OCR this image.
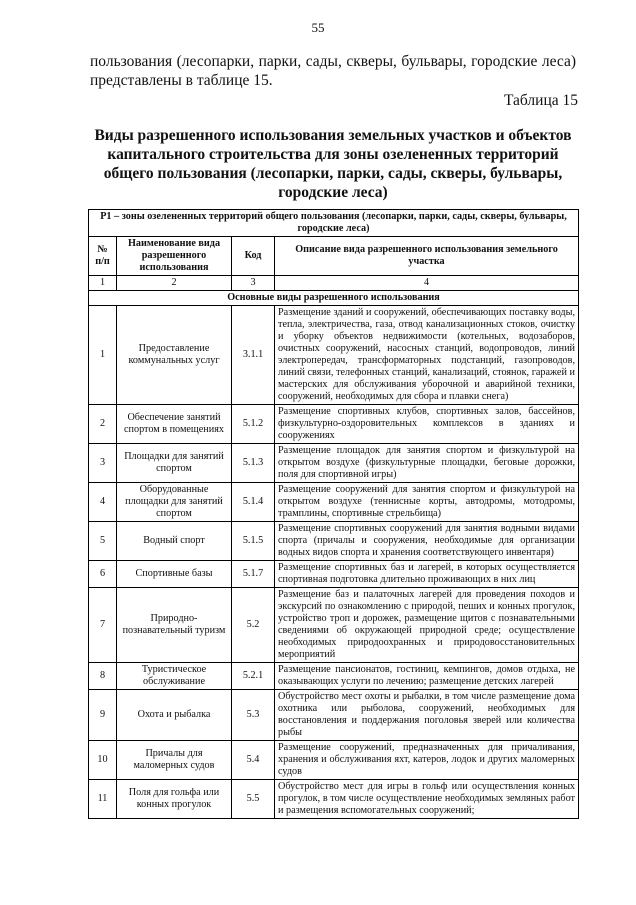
55
пользования (лесопарки, парки, сады, скверы, бульвары, городские леса)
представлены в таблице 15.
Таблица 15
Виды разрешенного использования земельных участков и объектов капитального строительства для зоны озелененных территорий общего пользования (лесопарки, парки, сады, скверы, бульвары, городские леса)
Р1 – зоны озелененных территорий общего пользования (лесопарки, парки, сады, скверы, бульвары, городские леса)			
№ п/п	Наименование вида разрешенного использования	Код	Описание вида разрешенного использования земельного участка
1	2	3	4
Основные виды разрешенного использования			
1	Предоставление коммунальных услуг	3.1.1	Размещение зданий и сооружений, обеспечивающих поставку воды, тепла, электричества, газа, отвод канализационных стоков, очистку и уборку объектов недвижимости (котельных, водозаборов, очистных сооружений, насосных станций, водопроводов, линий электропередач, трансформаторных подстанций, газопроводов, линий связи, телефонных станций, канализаций, стоянок, гаражей и мастерских для обслуживания уборочной и аварийной техники, сооружений, необходимых для сбора и плавки снега)
2	Обеспечение занятий спортом в помещениях	5.1.2	Размещение спортивных клубов, спортивных залов, бассейнов, физкультурно-оздоровительных комплексов в зданиях и сооружениях
3	Площадки для занятий спортом	5.1.3	Размещение площадок для занятия спортом и физкультурой на открытом воздухе (физкультурные площадки, беговые дорожки, поля для спортивной игры)
4	Оборудованные площадки для занятий спортом	5.1.4	Размещение сооружений для занятия спортом и физкультурой на открытом воздухе (теннисные корты, автодромы, мотодромы, трамплины, спортивные стрельбища)
5	Водный спорт	5.1.5	Размещение спортивных сооружений для занятия водными видами спорта (причалы и сооружения, необходимые для организации водных видов спорта и хранения соответствующего инвентаря)
6	Спортивные базы	5.1.7	Размещение спортивных баз и лагерей, в которых осуществляется спортивная подготовка длительно проживающих в них лиц
7	Природно-познавательный туризм	5.2	Размещение баз и палаточных лагерей для проведения походов и экскурсий по ознакомлению с природой, пеших и конных прогулок, устройство троп и дорожек, размещение щитов с познавательными сведениями об окружающей природной среде; осуществление необходимых природоохранных и природовосстановительных мероприятий
8	Туристическое обслуживание	5.2.1	Размещение пансионатов, гостиниц, кемпингов, домов отдыха, не оказывающих услуги по лечению; размещение детских лагерей
9	Охота и рыбалка	5.3	Обустройство мест охоты и рыбалки, в том числе размещение дома охотника или рыболова, сооружений, необходимых для восстановления и поддержания поголовья зверей или количества рыбы
10	Причалы для маломерных судов	5.4	Размещение сооружений, предназначенных для причаливания, хранения и обслуживания яхт, катеров, лодок и других маломерных судов
11	Поля для гольфа или конных прогулок	5.5	Обустройство мест для игры в гольф или осуществления конных прогулок, в том числе осуществление необходимых земляных работ и размещения вспомогательных сооружений;
